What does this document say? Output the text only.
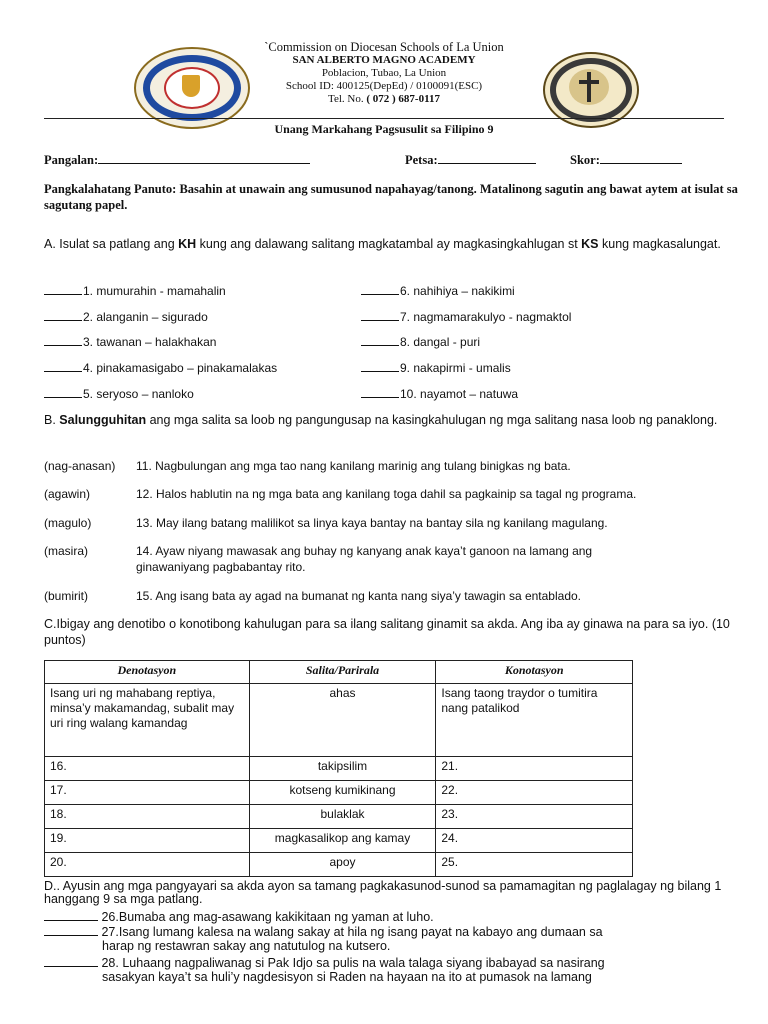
`Commission on Diocesan Schools of La Union
SAN ALBERTO MAGNO ACADEMY
Poblacion, Tubao, La Union
School ID: 400125(DepEd) / 0100091(ESC)
Tel. No. ( 072 ) 687-0117
Unang Markahang Pagsusulit sa Filipino 9
Pangalan:	Petsa:	Skor:
Pangkalahatang Panuto: Basahin at unawain ang sumusunod napahayag/tanong. Matalinong sagutin ang bawat aytem at isulat sa sagutang papel.
A. Isulat sa patlang ang KH kung ang dalawang salitang magkatambal ay magkasingkahlugan st KS kung magkasalungat.
1. mumurahin - mamahalin
2. alanganin – sigurado
3. tawanan – halakhakan
4. pinakamasigabo – pinakamalakas
5. seryoso – nanloko
6. nahihiya – nakikimi
7. nagmamarakulyo - nagmaktol
8. dangal - puri
9. nakapirmi - umalis
10. nayamot – natuwa
B. Salungguhitan ang mga salita sa loob ng pangungusap na kasingkahulugan ng mga salitang nasa loob ng panaklong.
(nag-anasan) 11. Nagbulungan ang mga tao nang kanilang marinig ang tulang binigkas ng bata.
(agawin)	12. Halos hablutin na ng mga bata ang kanilang toga dahil sa pagkainip sa tagal ng programa.
(magulo)	13. May ilang batang malilikot sa linya kaya bantay na bantay sila ng kanilang magulang.
(masira)	14. Ayaw niyang mawasak ang buhay ng kanyang anak kaya’t ganoon na lamang ang ginawaniyang pagbabantay rito.
(bumirit)	15. Ang isang bata ay agad na bumanat ng kanta nang siya’y tawagin sa entablado.
C.Ibigay ang denotibo o konotibong kahulugan para sa ilang salitang ginamit sa akda. Ang iba ay ginawa na para sa iyo. (10 puntos)
Denotasyon	Salita/Parirala	Konotasyon
Isang uri ng mahabang reptiya, minsa’y makamandag, subalit may uri ring walang kamandag	ahas	Isang taong traydor o tumitira nang patalikod
16.	takipsilim	21.
17.	kotseng kumikinang	22.
18.	bulaklak	23.
19.	magkasalikop ang kamay	24.
20.	apoy	25.
D.. Ayusin ang mga pangyayari sa akda ayon sa tamang pagkakasunod-sunod sa pamamagitan ng paglalagay ng bilang 1 hanggang 9 sa mga patlang.
26.Bumaba ang mag-asawang kakikitaan ng yaman at luho.
27.Isang lumang kalesa na walang sakay at hila ng isang payat na kabayo ang dumaan sa
harap ng restawran sakay ang natutulog na kutsero.
28. Luhaang nagpaliwanag si Pak Idjo sa pulis na wala talaga siyang ibabayad sa nasirang
sasakyan kaya’t sa huli’y nagdesisyon si Raden na hayaan na ito at pumasok na lamang
